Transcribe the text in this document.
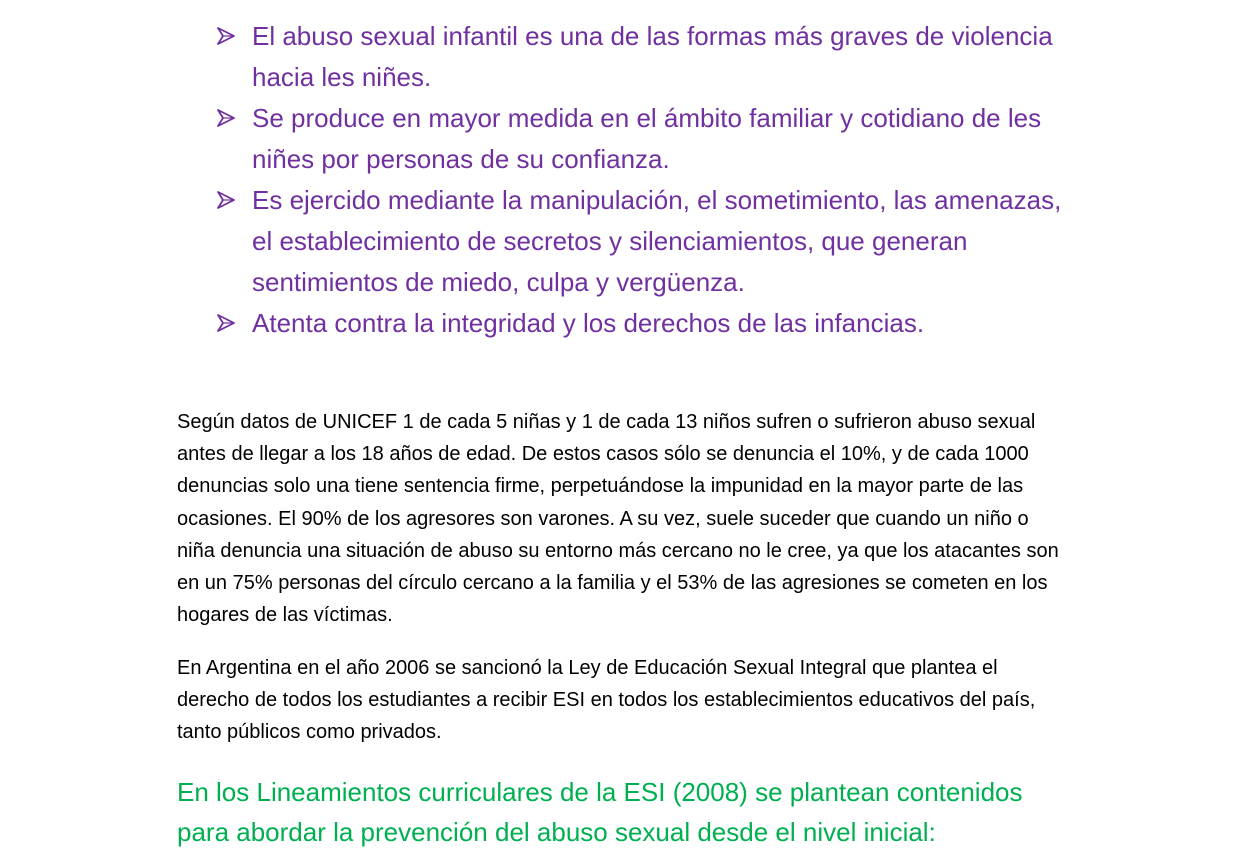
El abuso sexual infantil es una de las formas más graves de violencia hacia les niñes.
Se produce en mayor medida en el ámbito familiar y cotidiano de les niñes por personas de su confianza.
Es ejercido mediante la manipulación, el sometimiento, las amenazas, el establecimiento de secretos y silenciamientos, que generan sentimientos de miedo, culpa y vergüenza.
Atenta contra la integridad y los derechos de las infancias.

Según datos de UNICEF 1 de cada 5 niñas y 1 de cada 13 niños sufren o sufrieron abuso sexual antes de llegar a los 18 años de edad. De estos casos sólo se denuncia el 10%, y de cada 1000 denuncias solo una tiene sentencia firme, perpetuándose la impunidad en la mayor parte de las ocasiones. El 90% de los agresores son varones. A su vez, suele suceder que cuando un niño o niña denuncia una situación de abuso su entorno más cercano no le cree, ya que los atacantes son en un 75% personas del círculo cercano a la familia y el 53% de las agresiones se cometen en los hogares de las víctimas.

En Argentina en el año 2006 se sancionó la Ley de Educación Sexual Integral que plantea el derecho de todos los estudiantes a recibir ESI en todos los establecimientos educativos del país, tanto públicos como privados.

En los Lineamientos curriculares de la ESI (2008) se plantean contenidos para abordar la prevención del abuso sexual desde el nivel inicial:
